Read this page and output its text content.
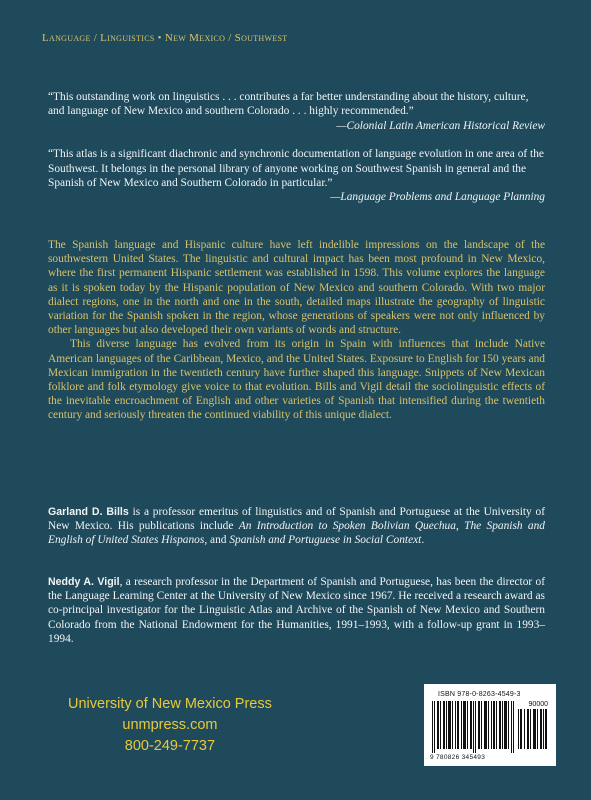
Language / Linguistics • New Mexico / Southwest
“This outstanding work on linguistics . . . contributes a far better understanding about the history, culture, and language of New Mexico and southern Colorado . . . highly recommended.”
—Colonial Latin American Historical Review
“This atlas is a significant diachronic and synchronic documentation of language evolution in one area of the Southwest. It belongs in the personal library of anyone working on Southwest Spanish in general and the Spanish of New Mexico and Southern Colorado in particular.”
—Language Problems and Language Planning

The Spanish language and Hispanic culture have left indelible impressions on the landscape of the southwestern United States. The linguistic and cultural impact has been most profound in New Mexico, where the first permanent Hispanic settlement was established in 1598. This volume explores the language as it is spoken today by the Hispanic population of New Mexico and southern Colorado. With two major dialect regions, one in the north and one in the south, detailed maps illustrate the geography of linguistic variation for the Spanish spoken in the region, whose generations of speakers were not only influenced by other languages but also developed their own variants of words and structure.

This diverse language has evolved from its origin in Spain with influences that include Native American languages of the Caribbean, Mexico, and the United States. Exposure to English for 150 years and Mexican immigration in the twentieth century have further shaped this language. Snippets of New Mexican folklore and folk etymology give voice to that evolution. Bills and Vigil detail the sociolinguistic effects of the inevitable encroachment of English and other varieties of Spanish that intensified during the twentieth century and seriously threaten the continued viability of this unique dialect.

Garland D. Bills is a professor emeritus of linguistics and of Spanish and Portuguese at the University of New Mexico. His publications include An Introduction to Spoken Bolivian Quechua, The Spanish and English of United States Hispanos, and Spanish and Portuguese in Social Context.
Neddy A. Vigil, a research professor in the Department of Spanish and Portuguese, has been the director of the Language Learning Center at the University of New Mexico since 1967. He received a research award as co-principal investigator for the Linguistic Atlas and Archive of the Spanish of New Mexico and Southern Colorado from the National Endowment for the Humanities, 1991–1993, with a follow-up grant in 1993–1994.
University of New Mexico Press
unmpress.com
800-249-7737
ISBN 978-0-8263-4549-3
90000
9 780826 345493
